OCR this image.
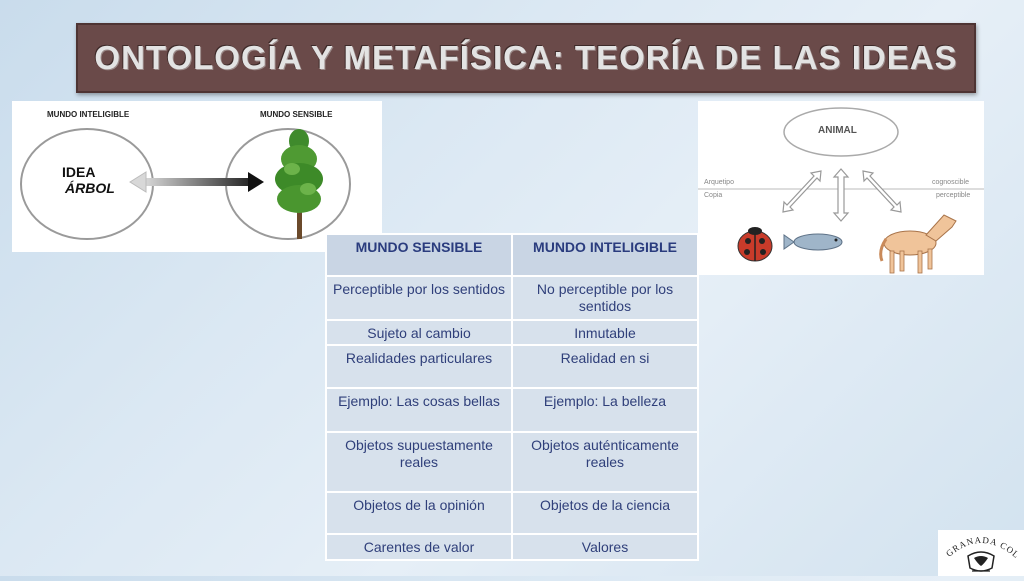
ONTOLOGÍA Y METAFÍSICA: TEORÍA DE LAS IDEAS
MUNDO INTELIGIBLE	MUNDO SENSIBLE
IDEA
ÁRBOL
ANIMAL
Arquetipo
Copia
cognoscible
perceptible
MUNDO SENSIBLE	MUNDO INTELIGIBLE
Perceptible por los sentidos	No perceptible por los sentidos
Sujeto al cambio	Inmutable
Realidades particulares	Realidad en si
Ejemplo: Las cosas bellas	Ejemplo: La belleza
Objetos supuestamente reales	Objetos auténticamente reales
Objetos de la opinión	Objetos de la ciencia
Carentes de valor	Valores	GRANADA COL
